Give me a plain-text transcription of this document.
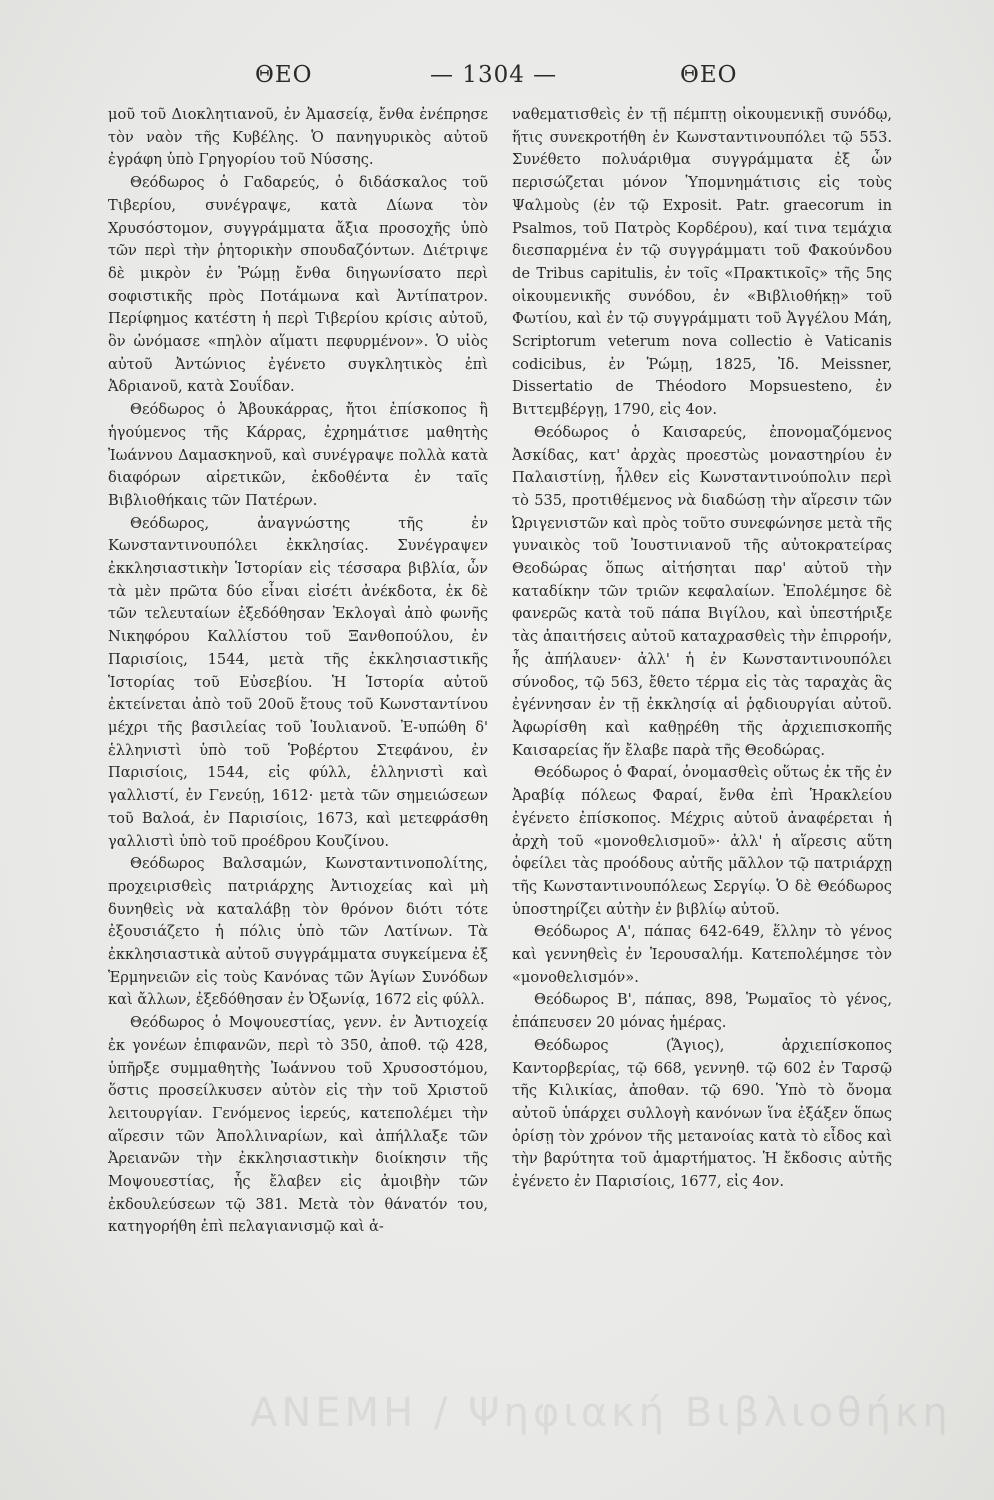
ΘΕΟ	— 1304 —	ΘΕΟ

μοῦ τοῦ Διοκλητιανοῦ, ἐν Ἀμασείᾳ, ἔνθα ἐνέπρησε τὸν ναὸν τῆς Κυβέλης. Ὁ πανηγυρικὸς αὐτοῦ ἐγράφη ὑπὸ Γρηγορίου τοῦ Νύσσης.

Θεόδωρος ὁ Γαδαρεύς, ὁ διδάσκαλος τοῦ Τιβερίου, συνέγραψε, κατὰ Δίωνα τὸν Χρυσόστομον, συγγράμματα ἄξια προσοχῆς ὑπὸ τῶν περὶ τὴν ῥητορικὴν σπουδαζόντων. Διέτριψε δὲ μικρὸν ἐν Ῥώμῃ ἔνθα διηγωνίσατο περὶ σοφιστικῆς πρὸς Ποτάμωνα καὶ Ἀντίπατρον. Περίφημος κατέστη ἡ περὶ Τιβερίου κρίσις αὐτοῦ, ὃν ὠνόμασε «πηλὸν αἵματι πεφυρμένον». Ὁ υἱὸς αὐτοῦ Ἀντώνιος ἐγένετο συγκλητικὸς ἐπὶ Ἀδριανοῦ, κατὰ Σουΐδαν.

Θεόδωρος ὁ Ἀβουκάρρας, ἤτοι ἐπίσκοπος ἢ ἡγούμενος τῆς Κάρρας, ἐχρημάτισε μαθητὴς Ἰωάννου Δαμασκηνοῦ, καὶ συνέγραψε πολλὰ κατὰ διαφόρων αἱρετικῶν, ἐκδοθέντα ἐν ταῖς Βιβλιοθήκαις τῶν Πατέρων.

Θεόδωρος, ἀναγνώστης τῆς ἐν Κωνσταντινουπόλει ἐκκλησίας. Συνέγραψεν ἐκκλησιαστικὴν Ἱστορίαν εἰς τέσσαρα βιβλία, ὧν τὰ μὲν πρῶτα δύο εἶναι εἰσέτι ἀνέκδοτα, ἐκ δὲ τῶν τελευταίων ἐξεδόθησαν Ἐκλογαὶ ἀπὸ φωνῆς Νικηφόρου Καλλίστου τοῦ Ξανθοπούλου, ἐν Παρισίοις, 1544, μετὰ τῆς ἐκκλησιαστικῆς Ἱστορίας τοῦ Εὐσεβίου. Ἡ Ἱστορία αὐτοῦ ἐκτείνεται ἀπὸ τοῦ 20οῦ ἔτους τοῦ Κωνσταντίνου μέχρι τῆς βασιλείας τοῦ Ἰουλιανοῦ. Ἐ-υπώθη δ' ἑλληνιστὶ ὑπὸ τοῦ Ῥοβέρτου Στεφάνου, ἐν Παρισίοις, 1544, εἰς φύλλ, ἑλληνιστὶ καὶ γαλλιστί, ἐν Γενεύῃ, 1612· μετὰ τῶν σημειώσεων τοῦ Βαλοά, ἐν Παρισίοις, 1673, καὶ μετεφράσθη γαλλιστὶ ὑπὸ τοῦ προέδρου Κουζίνου.

Θεόδωρος Βαλσαμών, Κωνσταντινοπολίτης, προχειρισθεὶς πατριάρχης Ἀντιοχείας καὶ μὴ δυνηθεὶς νὰ καταλάβῃ τὸν θρόνον διότι τότε ἐξουσιάζετο ἡ πόλις ὑπὸ τῶν Λατίνων. Τὰ ἐκκλησιαστικὰ αὐτοῦ συγγράμματα συγκείμενα ἐξ Ἑρμηνειῶν εἰς τοὺς Κανόνας τῶν Ἁγίων Συνόδων καὶ ἄλλων, ἐξεδόθησαν ἐν Ὀξωνίᾳ, 1672 εἰς φύλλ.

Θεόδωρος ὁ Μοψουεστίας, γενν. ἐν Ἀντιοχείᾳ ἐκ γονέων ἐπιφανῶν, περὶ τὸ 350, ἀποθ. τῷ 428, ὑπῆρξε συμμαθητὴς Ἰωάννου τοῦ Χρυσοστόμου, ὅστις προσείλκυσεν αὐτὸν εἰς τὴν τοῦ Χριστοῦ λειτουργίαν. Γενόμενος ἱερεύς, κατεπολέμει τὴν αἵρεσιν τῶν Ἀπολλιναρίων, καὶ ἀπήλλαξε τῶν Ἀρειανῶν τὴν ἐκκλησιαστικὴν διοίκησιν τῆς Μοψουεστίας, ἧς ἔλαβεν εἰς ἀμοιβὴν τῶν ἐκδουλεύσεων τῷ 381. Μετὰ τὸν θάνατόν του, κατηγορήθη ἐπὶ πελαγιανισμῷ καὶ ἀ-

ναθεματισθεὶς ἐν τῇ πέμπτῃ οἰκουμενικῇ συνόδῳ, ἥτις συνεκροτήθη ἐν Κωνσταντινουπόλει τῷ 553. Συνέθετο πολυάριθμα συγγράμματα ἐξ ὧν περισώζεται μόνον Ὑπομνημάτισις εἰς τοὺς Ψαλμοὺς (ἐν τῷ Exposit. Patr. graecorum in Psalmos, τοῦ Πατρὸς Κορδέρου), καί τινα τεμάχια διεσπαρμένα ἐν τῷ συγγράμματι τοῦ Φακούνδου de Tribus capitulis, ἐν τοῖς «Πρακτικοῖς» τῆς 5ης οἰκουμενικῆς συνόδου, ἐν «Βιβλιοθήκῃ» τοῦ Φωτίου, καὶ ἐν τῷ συγγράμματι τοῦ Ἀγγέλου Μάη, Scriptorum veterum nova collectio è Vaticanis codicibus, ἐν Ῥώμῃ, 1825, Ἰδ. Meissner, Dissertatio de Théodoro Mopsuesteno, ἐν Βιττεμβέργῃ, 1790, εἰς 4ον.

Θεόδωρος ὁ Καισαρεύς, ἐπονομαζόμενος Ἀσκίδας, κατ' ἀρχὰς προεστὼς μοναστηρίου ἐν Παλαιστίνῃ, ἦλθεν εἰς Κωνσταντινούπολιν περὶ τὸ 535, προτιθέμενος νὰ διαδώσῃ τὴν αἵρεσιν τῶν Ὠριγενιστῶν καὶ πρὸς τοῦτο συνεφώνησε μετὰ τῆς γυναικὸς τοῦ Ἰουστινιανοῦ τῆς αὐτοκρατείρας Θεοδώρας ὅπως αἰτήσηται παρ' αὐτοῦ τὴν καταδίκην τῶν τριῶν κεφαλαίων. Ἐπολέμησε δὲ φανερῶς κατὰ τοῦ πάπα Βιγίλου, καὶ ὑπεστήριξε τὰς ἀπαιτήσεις αὐτοῦ καταχρασθεὶς τὴν ἐπιρροήν, ἧς ἀπήλαυεν· ἀλλ' ἡ ἐν Κωνσταντινουπόλει σύνοδος, τῷ 563, ἔθετο τέρμα εἰς τὰς ταραχὰς ἃς ἐγέννησαν ἐν τῇ ἐκκλησίᾳ αἱ ῥᾳδιουργίαι αὐτοῦ. Ἀφωρίσθη καὶ καθῃρέθη τῆς ἀρχιεπισκοπῆς Καισαρείας ἥν ἔλαβε παρὰ τῆς Θεοδώρας.

Θεόδωρος ὁ Φαραί, ὀνομασθεὶς οὕτως ἐκ τῆς ἐν Ἀραβίᾳ πόλεως Φαραί, ἔνθα ἐπὶ Ἡρακλείου ἐγένετο ἐπίσκοπος. Μέχρις αὐτοῦ ἀναφέρεται ἡ ἀρχὴ τοῦ «μονοθελισμοῦ»· ἀλλ' ἡ αἵρεσις αὕτη ὀφείλει τὰς προόδους αὐτῆς μᾶλλον τῷ πατριάρχῃ τῆς Κωνσταντινουπόλεως Σεργίῳ. Ὁ δὲ Θεόδωρος ὑποστηρίζει αὐτὴν ἐν βιβλίῳ αὐτοῦ.

Θεόδωρος Α', πάπας 642-649, ἕλλην τὸ γένος καὶ γεννηθεὶς ἐν Ἱερουσαλήμ. Κατεπολέμησε τὸν «μονοθελισμόν».

Θεόδωρος Β', πάπας, 898, Ῥωμαῖος τὸ γένος, ἐπάπευσεν 20 μόνας ἡμέρας.

Θεόδωρος (Ἅγιος), ἀρχιεπίσκοπος Καντορβερίας, τῷ 668, γεννηθ. τῷ 602 ἐν Ταρσῷ τῆς Κιλικίας, ἀποθαν. τῷ 690. Ὑπὸ τὸ ὄνομα αὐτοῦ ὑπάρχει συλλογὴ κανόνων ἵνα ἐξάξεν ὅπως ὁρίσῃ τὸν χρόνον τῆς μετανοίας κατὰ τὸ εἶδος καὶ τὴν βαρύτητα τοῦ ἁμαρτήματος. Ἡ ἔκδοσις αὐτῆς ἐγένετο ἐν Παρισίοις, 1677, εἰς 4ον.

ΑΝΕΜΗ / Ψηφιακή Βιβλιοθήκη
